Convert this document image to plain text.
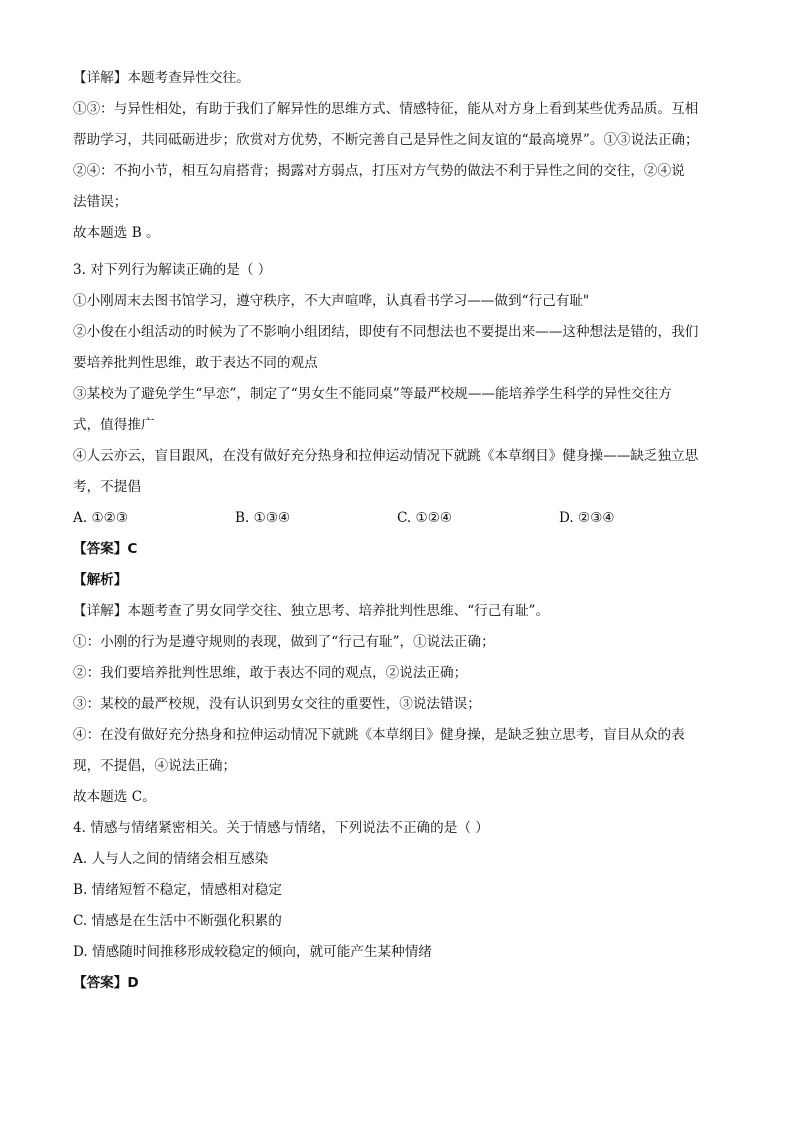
【详解】本题考查异性交往。
①③：与异性相处，有助于我们了解异性的思维方式、情感特征，能从对方身上看到某些优秀品质。互相
帮助学习，共同砥砺进步；欣赏对方优势，不断完善自己是异性之间友谊的“最高境界”。①③说法正确；
②④：不拘小节，相互勾肩搭背；揭露对方弱点，打压对方气势的做法不利于异性之间的交往，②④说
法错误；
故本题选 B 。
3. 对下列行为解读正确的是（ ）
①小刚周末去图书馆学习，遵守秩序，不大声喧哗，认真看书学习——做到“行己有耻"
②小俊在小组活动的时候为了不影响小组团结，即使有不同想法也不要提出来——这种想法是错的，我们
要培养批判性思维，敢于表达不同的观点
③某校为了避免学生“早恋”，制定了“男女生不能同桌”等最严校规——能培养学生科学的异性交往方
式，值得推广
④人云亦云，盲目跟风，在没有做好充分热身和拉伸运动情况下就跳《本草纲目》健身操——缺乏独立思
考，不提倡
A. ①②③	B. ①③④	C. ①②④	D. ②③④
【答案】C
【解析】
【详解】本题考查了男女同学交往、独立思考、培养批判性思维、“行己有耻”。
①：小刚的行为是遵守规则的表现，做到了“行己有耻”，①说法正确；
②：我们要培养批判性思维，敢于表达不同的观点，②说法正确；
③：某校的最严校规，没有认识到男女交往的重要性，③说法错误；
④：在没有做好充分热身和拉伸运动情况下就跳《本草纲目》健身操，是缺乏独立思考，盲目从众的表
现，不提倡，④说法正确；
故本题选 C。
4. 情感与情绪紧密相关。关于情感与情绪，下列说法不正确的是（ ）
A. 人与人之间的情绪会相互感染
B. 情绪短暂不稳定，情感相对稳定
C. 情感是在生活中不断强化积累的
D. 情感随时间推移形成较稳定的倾向，就可能产生某种情绪
【答案】D
